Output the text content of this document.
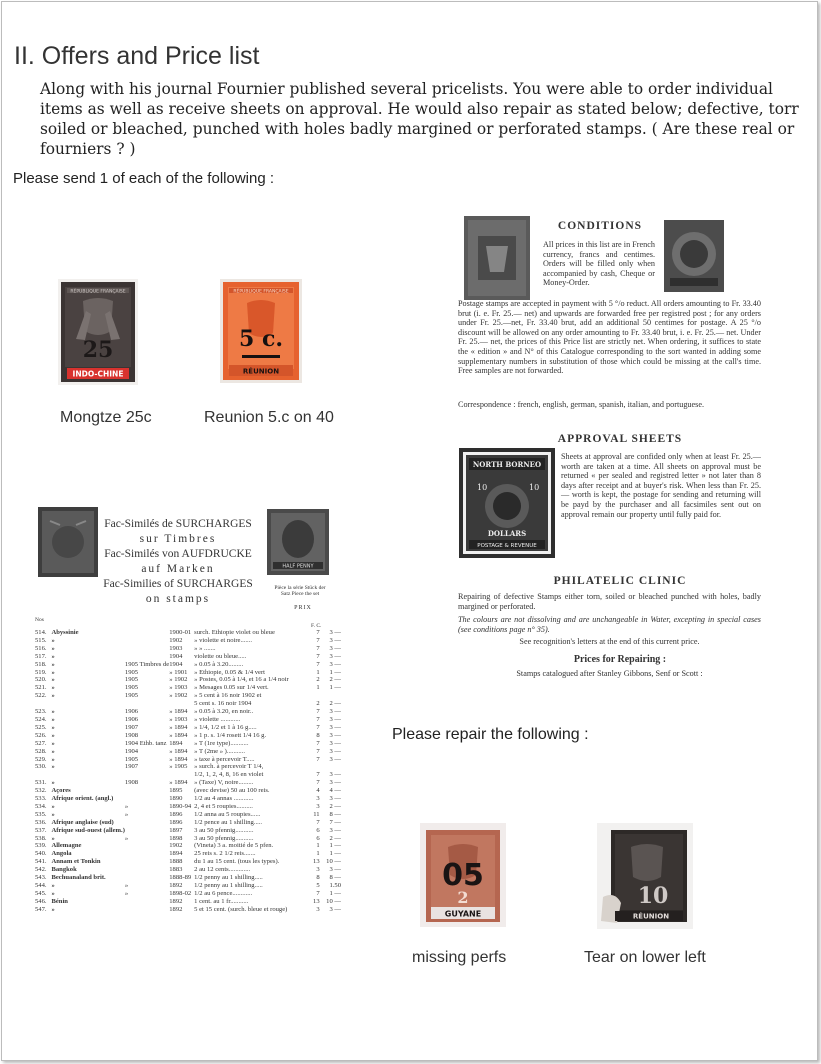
II. Offers and Price list
Along with his journal Fournier published several pricelists. You were able to order individual items as well as receive sheets on approval. He would also repair as stated below; defective, torr soiled or bleached, punched with holes badly margined or perforated stamps. ( Are these real or fourniers ? )
Please send 1 of each of the following :
RÉPUBLIQUE FRANÇAISE
25
INDO-CHINE
Mongtze 25c
RÉPUBLIQUE FRANÇAISE
5 c.
RÉUNION
Reunion 5.c on 40
CONDITIONS
All prices in this list are in French currency, francs and centimes. Orders will be filled only when accompanied by cash, Cheque or Money-Order.
Postage stamps are accepted in payment with 5 °/o reduct. All orders amounting to Fr. 33.40 brut (i. e. Fr. 25.— net) and upwards are forwarded free per registred post ; for any orders under Fr. 25.—net, Fr. 33.40 brut, add an additional 50 centimes for postage. A 25 °/o discount will be allowed on any order amounting to Fr. 33.40 brut, i. e. Fr. 25.— net. Under Fr. 25.— net, the prices of this Price list are strictly net. When ordering, it suffices to state the « edition » and N° of this Catalogue corresponding to the sort wanted in adding some supplementary numbers in substitution of those which could be missing at the call's time. Free samples are not forwarded.
Correspondence : french, english, german, spanish, italian, and portuguese.
APPROVAL SHEETS
NORTH BORNEO
10	10
DOLLARS
POSTAGE & REVENUE
Sheets at approval are confided only when at least Fr. 25.— worth are taken at a time. All sheets on approval must be returned « per sealed and registred letter » not later than 8 days after receipt and at buyer's risk. When less than Fr. 25.— worth is kept, the postage for sending and returning will be payd by the purchaser and all facsimiles sent out on approval remain our property until fully paid for.
PHILATELIC CLINIC
Repairing of defective Stamps either torn, soiled or bleached punched with holes, badly margined or perforated.
The colours are not dissolving and are unchangeable in Water, excepting in special cases (see conditions page n° 35).
See recognition's letters at the end of this current price.
Prices for Repairing :
Stamps catalogued after Stanley Gibbons, Senf or Scott :
HALF PENNY
Fac-Similés de SURCHARGES
sur Timbres
Fac-Similés von AUFDRUCKE
auf Marken
Fac-Similies of SURCHARGES
on stamps
Pièce la série Stück der Satz Piece the set
PRIX
Nos
F. C.
514.	Abyssinie		1900-01	surch. Ethiopie violet ou bleue	7	3 —
515.	»		1902	» violette et noire.......	7	3 —
516.	»		1903	» » .......	7	3 —
517.	»		1904	violette ou bleue.....	7	3 —
518.	»	1905 Timbres de	1904	» 0.05 à 3.20.........	7	3 —
519.	»	1905	» 1901	» Ethiopie, 0.05 & 1/4 vert	1	1 —
520.	»	1905	» 1902	» Postes, 0.05 à 1/4, et 16 a 1/4 noir	2	2 —
521.	»	1905	» 1903	» Mesages 0.05 sur 1/4 vert.	1	1 —
522.	»	1905	» 1902	» 5 cent à 16 noir 1902 et		
				5 cent s. 16 noir 1904	2	2 —
523.	»	1906	» 1894	» 0.05 à 3.20, en noir..	7	3 —
524.	»	1906	» 1903	» violette ............	7	3 —
525.	»	1907	» 1894	» 1/4, 1/2 et 1 à 16 g.....	7	3 —
526.	»	1908	» 1894	» 1 p. s. 1/4 rosett 1/4 16 g.	8	3 —
527.	»	1904 Ethb. tanz	1894	» T (1re type)...........	7	3 —
528.	»	1904	» 1894	» T (2me » )...........	7	3 —
529.	»	1905	» 1894	» taxe à percevoir T.....	7	3 —
530.	»	1907	» 1905	» surch. à percevoir T 1/4,		
				1/2, 1, 2, 4, 8, 16 en violet	7	3 —
531.	»	1908	» 1894	» (Taxe) V, noire.........	7	3 —
532.	Açores		1895	(avec devise) 50 au 100 reis.	4	4 —
533.	Afrique orient. (angl.)		1890	1/2 au 4 annas ............	3	3 —
534.	»	»	1890-94	2, 4 et 5 roupies..........	3	2 —
535.	»	»	1896	1/2 anna au 5 roupies......	11	8 —
536.	Afrique anglaise (sud)		1896	1/2 pence au 1 shilling.....	7	7 —
537.	Afrique sud-ouest (allem.)		1897	3 au 50 pfennig...........	6	3 —
538.	»	»	1898	3 au 50 pfennig...........	6	2 —
539.	Allemagne		1902	(Vineta) 3 a. moitié de 5 pfen.	1	1 —
540.	Angola		1894	25 reis s. 2 1/2 reis.......	1	1 —
541.	Annam et Tonkin		1888	du 1 au 15 cent. (tous les types).	13	10 —
542.	Bangkok		1883	2 au 12 cents.............	3	3 —
543.	Bechuanaland brit.		1888-89	1/2 penny au 1 shilling.....	8	8 —
544.	»	»	1892	1/2 penny au 1 shilling.....	5	1.50
545.	»	»	1898-02	1/2 au 6 pence............	7	1 —
546.	Bénin		1892	1 cent. au 1 fr...........	13	10 —
547.	»		1892	5 et 15 cent. (surch. bleue et rouge)	3	3 —
Please repair the following :
05
2
GUYANE
missing perfs
10
RÉUNION
Tear on lower left
